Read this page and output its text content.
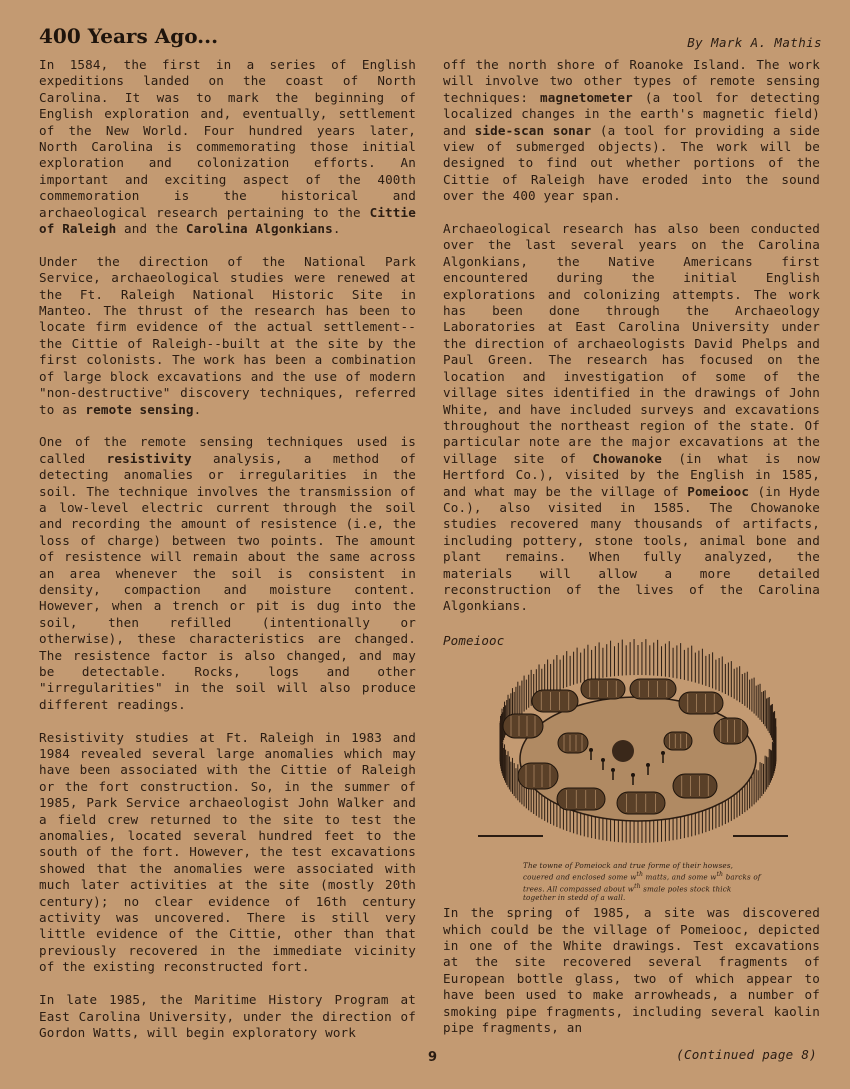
400 Years Ago...	By Mark A. Mathis

In 1584, the first in a series of English expeditions landed on the coast of North Carolina. It was to mark the beginning of English exploration and, eventually, settlement of the New World. Four hundred years later, North Carolina is commemorating those initial exploration and colonization efforts. An important and exciting aspect of the 400th commemoration is the historical and archaeological research pertaining to the Cittie of Raleigh and the Carolina Algonkians.

Under the direction of the National Park Service, archaeological studies were renewed at the Ft. Raleigh National Historic Site in Manteo. The thrust of the research has been to locate firm evidence of the actual settlement--the Cittie of Raleigh--built at the site by the first colonists. The work has been a combination of large block excavations and the use of modern "non-destructive" discovery techniques, referred to as remote sensing.

One of the remote sensing techniques used is called resistivity analysis, a method of detecting anomalies or irregularities in the soil. The technique involves the transmission of a low-level electric current through the soil and recording the amount of resistence (i.e, the loss of charge) between two points. The amount of resistence will remain about the same across an area whenever the soil is consistent in density, compaction and moisture content. However, when a trench or pit is dug into the soil, then refilled (intentionally or otherwise), these characteristics are changed. The resistence factor is also changed, and may be detectable. Rocks, logs and other "irregularities" in the soil will also produce different readings.

Resistivity studies at Ft. Raleigh in 1983 and 1984 revealed several large anomalies which may have been associated with the Cittie of Raleigh or the fort construction. So, in the summer of 1985, Park Service archaeologist John Walker and a field crew returned to the site to test the anomalies, located several hundred feet to the south of the fort. However, the test excavations showed that the anomalies were associated with much later activities at the site (mostly 20th century); no clear evidence of 16th century activity was uncovered. There is still very little evidence of the Cittie, other than that previously recovered in the immediate vicinity of the existing reconstructed fort.

In late 1985, the Maritime History Program at East Carolina University, under the direction of Gordon Watts, will begin exploratory work

off the north shore of Roanoke Island. The work will involve two other types of remote sensing techniques: magnetometer (a tool for detecting localized changes in the earth's magnetic field) and side-scan sonar (a tool for providing a side view of submerged objects). The work will be designed to find out whether portions of the Cittie of Raleigh have eroded into the sound over the 400 year span.

Archaeological research has also been conducted over the last several years on the Carolina Algonkians, the Native Americans first encountered during the initial English explorations and colonizing attempts. The work has been done through the Archaeology Laboratories at East Carolina University under the direction of archaeologists David Phelps and Paul Green. The research has focused on the location and investigation of some of the village sites identified in the drawings of John White, and have included surveys and excavations throughout the northeast region of the state. Of particular note are the major excavations at the village site of Chowanoke (in what is now Hertford Co.), visited by the English in 1585, and what may be the village of Pomeiooc (in Hyde Co.), also visited in 1585. The Chowanoke studies recovered many thousands of artifacts, including pottery, stone tools, animal bone and plant remains. When fully analyzed, the materials will allow a more detailed reconstruction of the lives of the Carolina Algonkians.

Pomeiooc
The towne of Pomeiock and true forme of their howses, couered and enclosed some $w^{th}$ matts, and some $w^{th}$ barcks of trees. All compassed about $w^{th}$ smale poles stock thick together in stedd of a wall.

In the spring of 1985, a site was discovered which could be the village of Pomeiooc, depicted in one of the White drawings. Test excavations at the site recovered several fragments of European bottle glass, two of which appear to have been used to make arrowheads, a number of smoking pipe fragments, including several kaolin pipe fragments, an

9	(Continued page 8)
